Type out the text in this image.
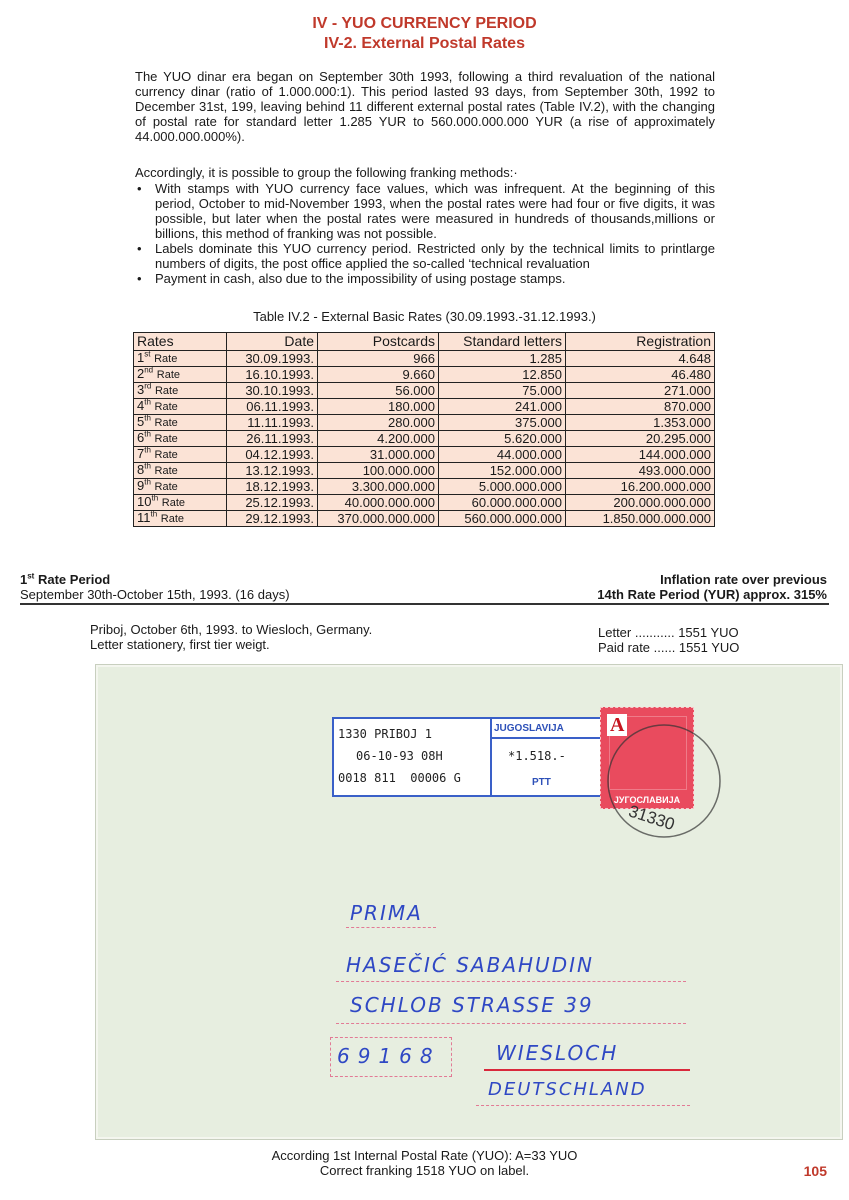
IV - YUO CURRENCY PERIOD
IV-2. External Postal Rates
The YUO dinar era began on September 30th 1993, following a third revaluation of the national currency dinar (ratio of 1.000.000:1). This period lasted 93 days, from September 30th, 1992 to December 31st, 199, leaving behind 11 different external postal rates (Table IV.2), with the changing of postal rate for standard letter 1.285 YUR to 560.000.000.000 YUR (a rise of approximately 44.000.000.000%).
Accordingly, it is possible to group the following franking methods:·
• With stamps with YUO currency face values, which was infrequent. At the beginning of this period, October to mid-November 1993, when the postal rates were had four or five digits, it was possible, but later when the postal rates were measured in hundreds of thousands,millions or billions, this method of franking was not possible.
• Labels dominate this YUO currency period. Restricted only by the technical limits to printlarge numbers of digits, the post office applied the so-called ‘technical revaluation
• Payment in cash, also due to the impossibility of using postage stamps.
Table IV.2 - External Basic Rates (30.09.1993.-31.12.1993.)
Rates	Date	Postcards	Standard letters	Registration
1st Rate	30.09.1993.	966	1.285	4.648
2nd Rate	16.10.1993.	9.660	12.850	46.480
3rd Rate	30.10.1993.	56.000	75.000	271.000
4th Rate	06.11.1993.	180.000	241.000	870.000
5th Rate	11.11.1993.	280.000	375.000	1.353.000
6th Rate	26.11.1993.	4.200.000	5.620.000	20.295.000
7th Rate	04.12.1993.	31.000.000	44.000.000	144.000.000
8th Rate	13.12.1993.	100.000.000	152.000.000	493.000.000
9th Rate	18.12.1993.	3.300.000.000	5.000.000.000	16.200.000.000
10th Rate	25.12.1993.	40.000.000.000	60.000.000.000	200.000.000.000
11th Rate	29.12.1993.	370.000.000.000	560.000.000.000	1.850.000.000.000
1st Rate Period
September 30th-October 15th, 1993. (16 days)
Inflation rate over previous
14th Rate Period (YUR) approx. 315%
Priboj, October 6th, 1993. to Wiesloch, Germany.
Letter stationery, first tier weigt.
Letter ........... 1551 YUO
Paid rate ...... 1551 YUO
1330 PRIBOJ 1
06-10-93 08H
0018 811  00006 G
JUGOSLAVIJA
*1.518.-
PTT
A
ЈУГОСЛАВИЈА
31330
PRIMA
HASEČIĆ SABAHUDIN
SCHLOB STRASSE 39
69168	WIESLOCH
DEUTSCHLAND
According 1st Internal Postal Rate (YUO): A=33 YUO
Correct franking 1518 YUO on label.	105
